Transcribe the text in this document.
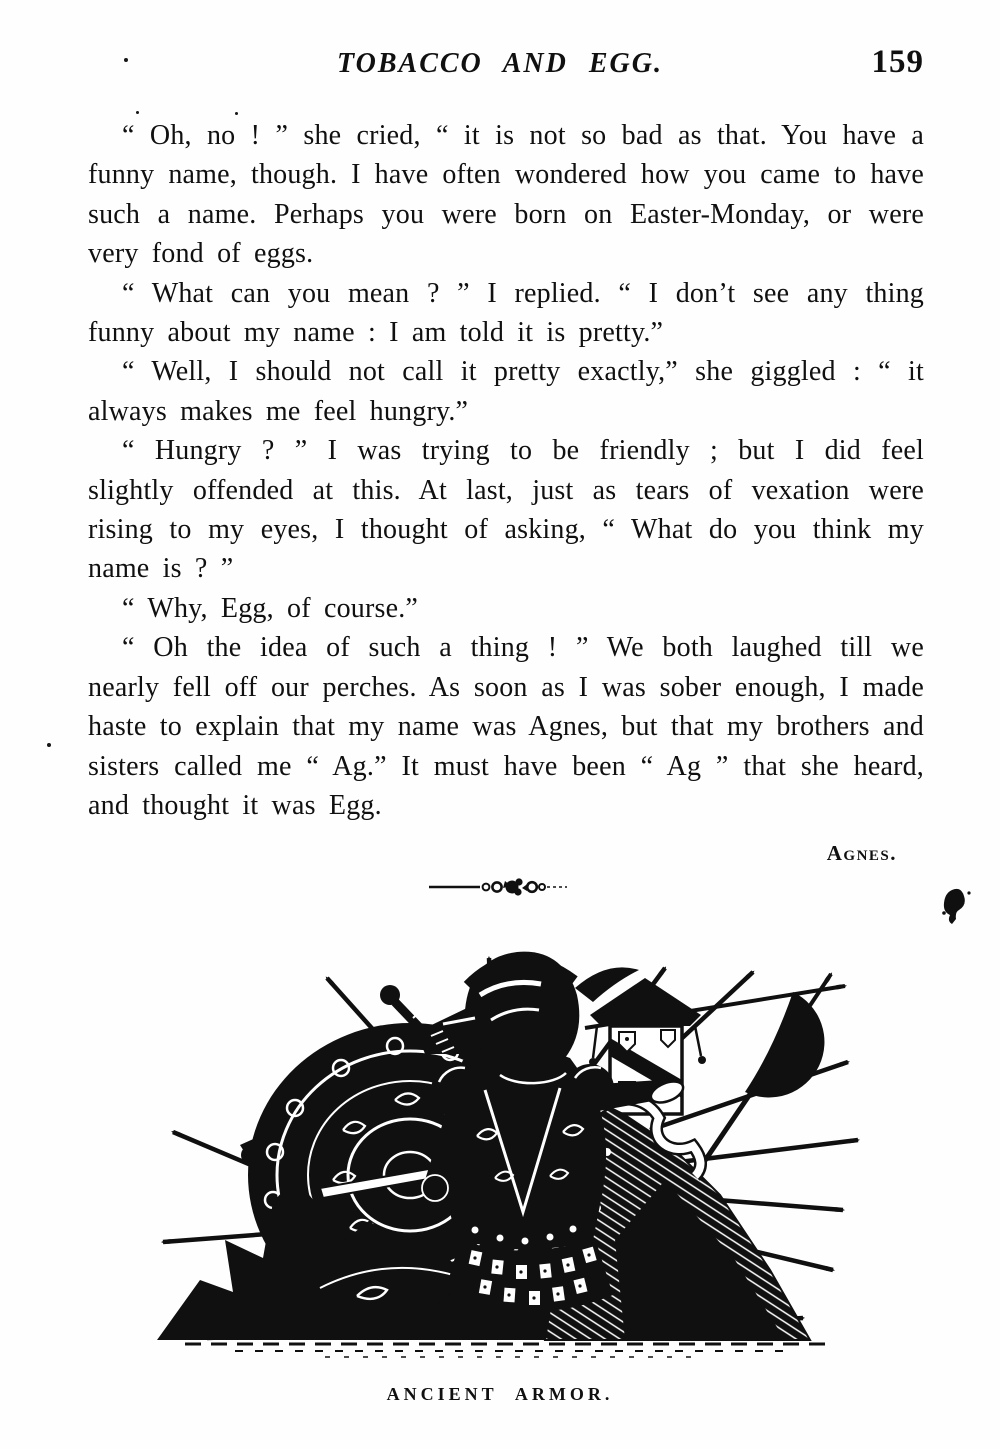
TOBACCO AND EGG.	159

“ Oh, no ! ” she cried, “ it is not so bad as that. You have a funny name, though. I have often wondered how you came to have such a name. Perhaps you were born on Easter-Monday, or were very fond of eggs.

“ What can you mean ? ” I replied. “ I don’t see any thing funny about my name : I am told it is pretty.”

“ Well, I should not call it pretty exactly,” she giggled : “ it always makes me feel hungry.”

“ Hungry ? ” I was trying to be friendly ; but I did feel slightly offended at this. At last, just as tears of vexation were rising to my eyes, I thought of asking, “ What do you think my name is ? ”

“ Why, Egg, of course.”

“ Oh the idea of such a thing ! ” We both laughed till we nearly fell off our perches. As soon as I was sober enough, I made haste to explain that my name was Agnes, but that my brothers and sisters called me “ Ag.” It must have been “ Ag ” that she heard, and thought it was Egg.

Agnes.
ANCIENT ARMOR.
